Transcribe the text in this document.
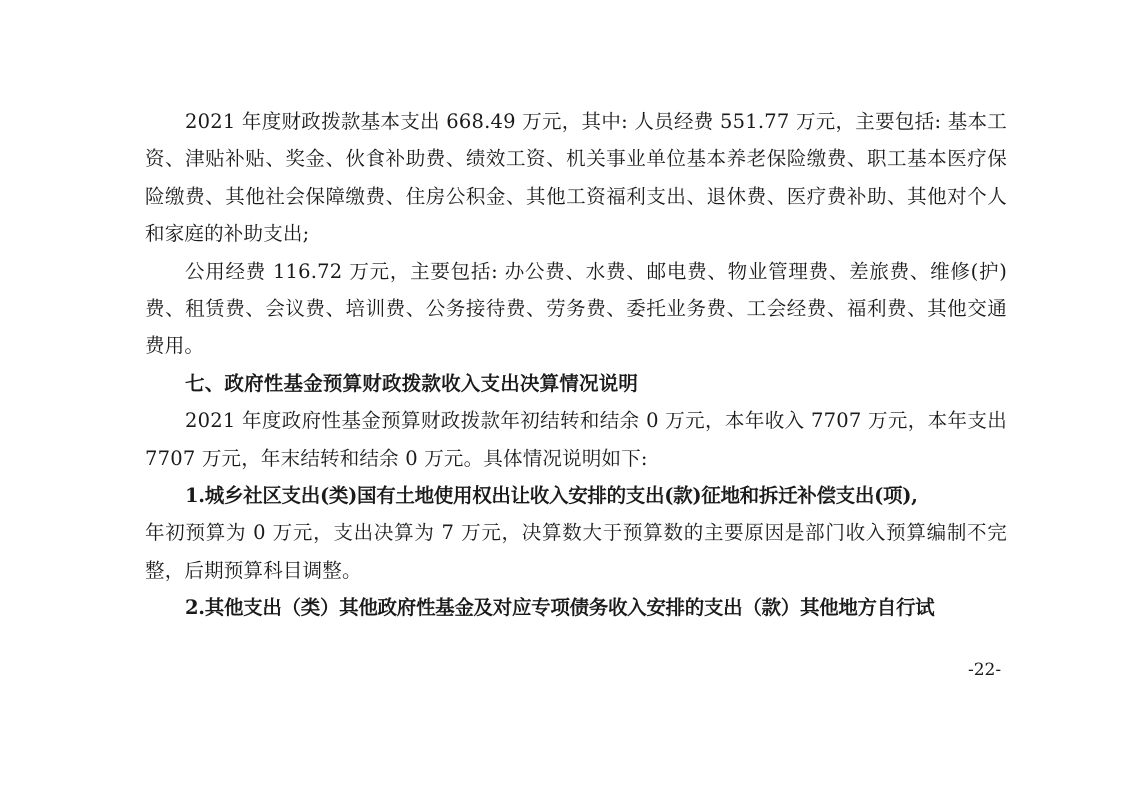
2021 年度财政拨款基本支出 668.49 万元，其中: 人员经费 551.77 万元，主要包括: 基本工资、津贴补贴、奖金、伙食补助费、绩效工资、机关事业单位基本养老保险缴费、职工基本医疗保险缴费、其他社会保障缴费、住房公积金、其他工资福利支出、退休费、医疗费补助、其他对个人和家庭的补助支出;

公用经费 116.72 万元，主要包括: 办公费、水费、邮电费、物业管理费、差旅费、维修(护)费、租赁费、会议费、培训费、公务接待费、劳务费、委托业务费、工会经费、福利费、其他交通费用。

七、政府性基金预算财政拨款收入支出决算情况说明

2021 年度政府性基金预算财政拨款年初结转和结余 0 万元，本年收入 7707 万元，本年支出 7707 万元，年末结转和结余 0 万元。具体情况说明如下:

1.城乡社区支出(类)国有土地使用权出让收入安排的支出(款)征地和拆迁补偿支出(项),

年初预算为 0 万元，支出决算为 7 万元，决算数大于预算数的主要原因是部门收入预算编制不完整，后期预算科目调整。

2.其他支出（类）其他政府性基金及对应专项债务收入安排的支出（款）其他地方自行试

-22-
